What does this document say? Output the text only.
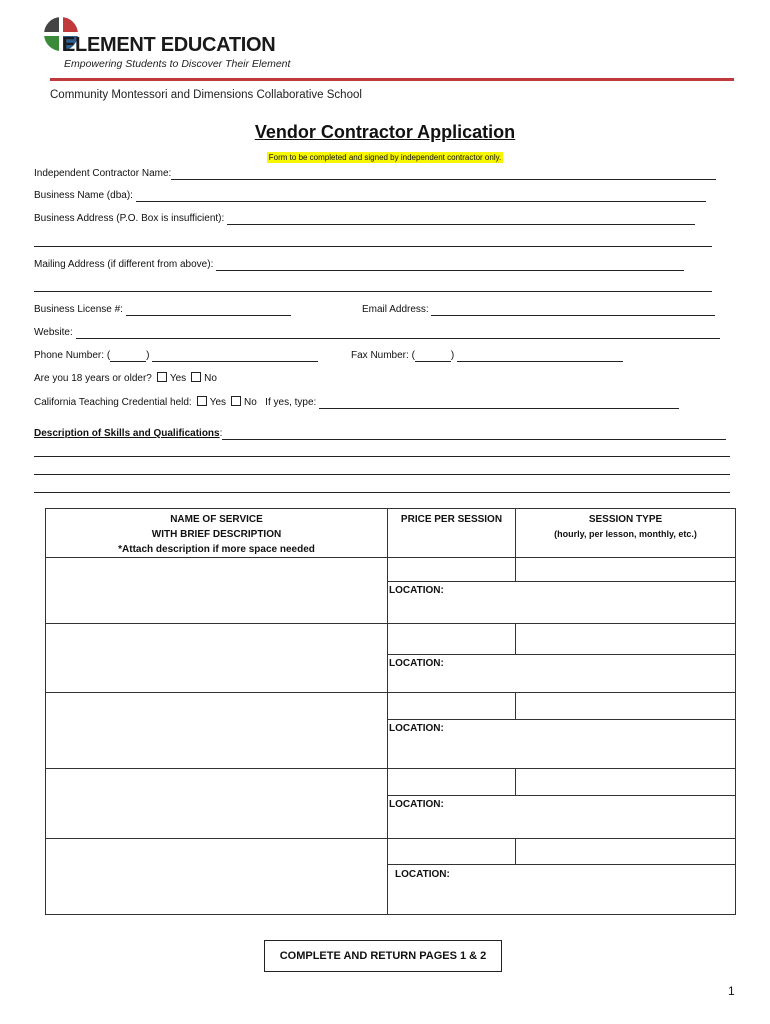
ELEMENT EDUCATION
Empowering Students to Discover Their Element
Community Montessori and Dimensions Collaborative School
Vendor Contractor Application
Form to be completed and signed by independent contractor only.
Independent Contractor Name:
Business Name (dba):
Business Address (P.O. Box is insufficient):
Mailing Address (if different from above):
Business License #:	Email Address:
Website:
Phone Number: (	)	Fax Number: (	)
Are you 18 years or older? Yes No
California Teaching Credential held: Yes No If yes, type:
Description of Skills and Qualifications:
NAME OF SERVICE
WITH BRIEF DESCRIPTION
*Attach description if more space needed
PRICE PER SESSION	SESSION TYPE
(hourly, per lesson, monthly, etc.)
LOCATION:
LOCATION:
LOCATION:
LOCATION:
LOCATION:
COMPLETE AND RETURN PAGES 1 & 2
1
